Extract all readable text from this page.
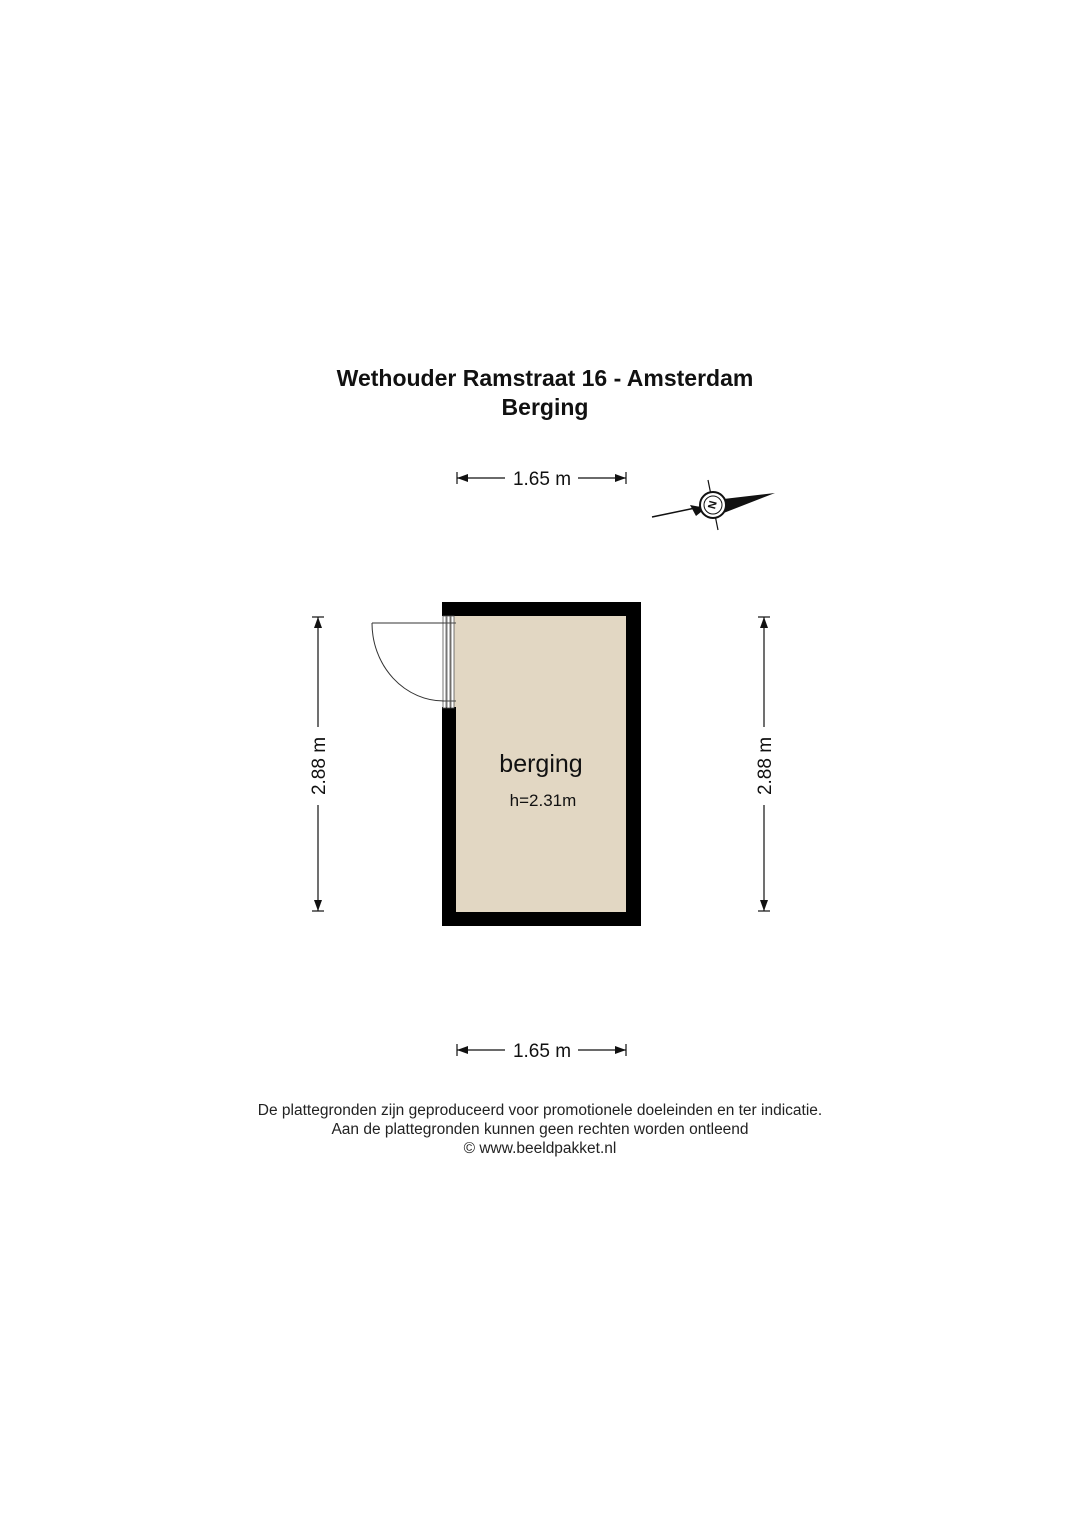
Wethouder Ramstraat 16 - Amsterdam
Berging
1.65 m
1.65 m
2.88 m	2.88 m
N
berging
h=2.31m
De plattegronden zijn geproduceerd voor promotionele doeleinden en ter indicatie.
Aan de plattegronden kunnen geen rechten worden ontleend
© www.beeldpakket.nl
